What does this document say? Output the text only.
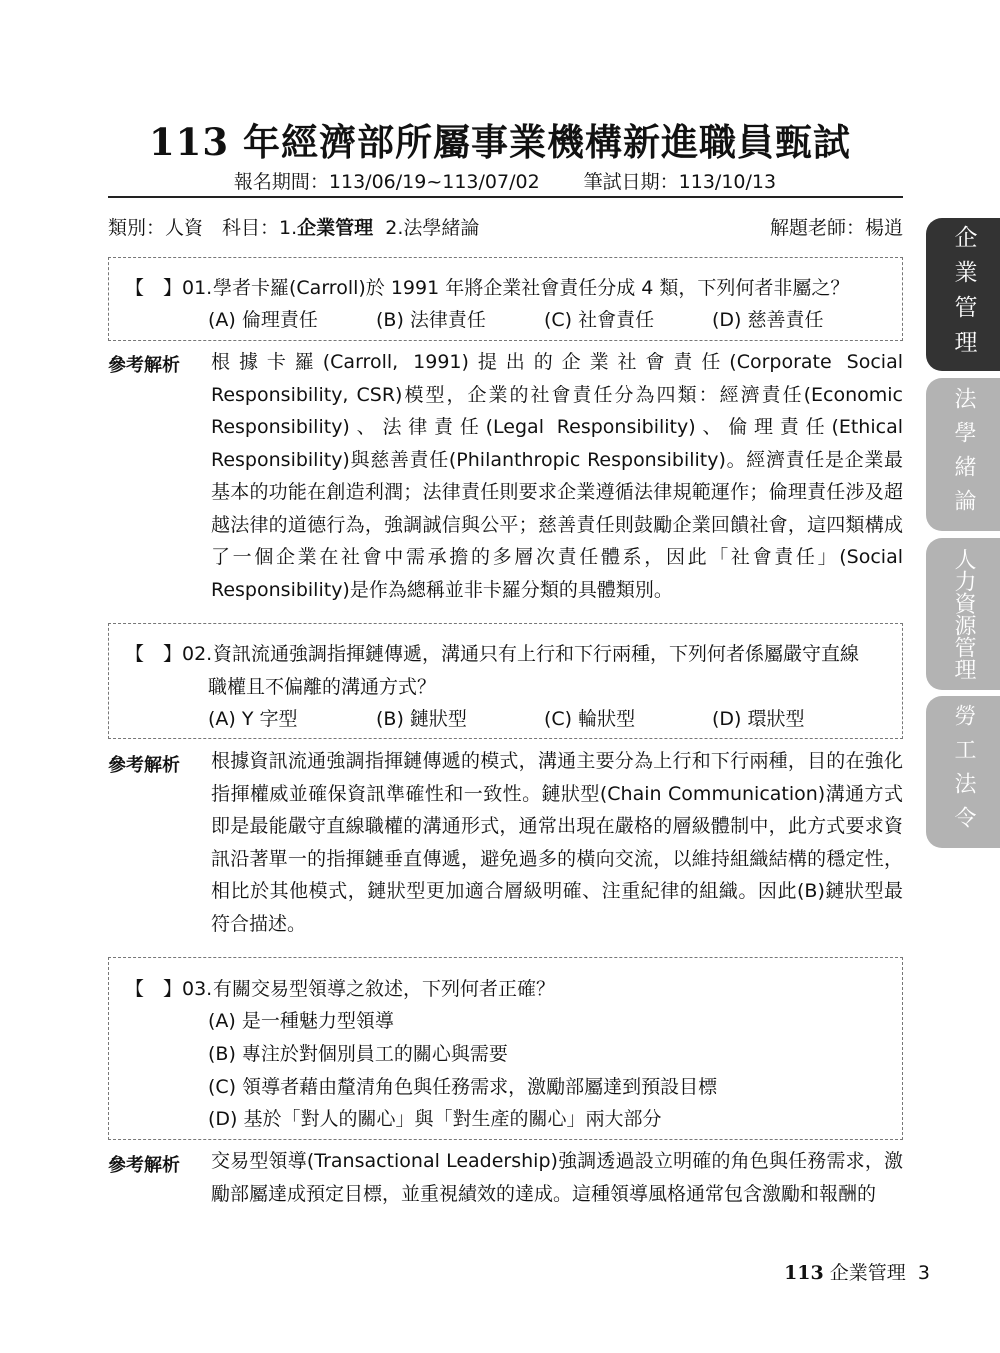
113 年經濟部所屬事業機構新進職員甄試
報名期間：113/06/19~113/07/02 筆試日期：113/10/13
類別：人資　科目：1.企業管理 2.法學緒論	解題老師：楊逍
【　】01.學者卡羅(Carroll)於 1991 年將企業社會責任分成 4 類，下列何者非屬之？
(A) 倫理責任	(B) 法律責任	(C) 社會責任	(D) 慈善責任
參考解析 根據卡羅(Carroll, 1991)提出的企業社會責任(Corporate Social Responsibility, CSR)模型，企業的社會責任分為四類：經濟責任(Economic Responsibility)、法律責任(Legal Responsibility)、倫理責任(Ethical Responsibility)與慈善責任(Philanthropic Responsibility)。經濟責任是企業最基本的功能在創造利潤；法律責任則要求企業遵循法律規範運作；倫理責任涉及超越法律的道德行為，強調誠信與公平；慈善責任則鼓勵企業回饋社會，這四類構成了一個企業在社會中需承擔的多層次責任體系，因此「社會責任」(Social Responsibility)是作為總稱並非卡羅分類的具體類別。
【　】02.資訊流通強調指揮鏈傳遞，溝通只有上行和下行兩種，下列何者係屬嚴守直線
職權且不偏離的溝通方式？
(A) Y 字型	(B) 鏈狀型	(C) 輪狀型	(D) 環狀型
參考解析 根據資訊流通強調指揮鏈傳遞的模式，溝通主要分為上行和下行兩種，目的在強化指揮權威並確保資訊準確性和一致性。鏈狀型(Chain Communication)溝通方式即是最能嚴守直線職權的溝通形式，通常出現在嚴格的層級體制中，此方式要求資訊沿著單一的指揮鏈垂直傳遞，避免過多的橫向交流，以維持組織結構的穩定性，相比於其他模式，鏈狀型更加適合層級明確、注重紀律的組織。因此(B)鏈狀型最符合描述。
【　】03.有關交易型領導之敘述，下列何者正確？
(A) 是一種魅力型領導
(B) 專注於對個別員工的關心與需要
(C) 領導者藉由釐清角色與任務需求，激勵部屬達到預設目標
(D) 基於「對人的關心」與「對生產的關心」兩大部分
參考解析 交易型領導(Transactional Leadership)強調透過設立明確的角色與任務需求，激勵部屬達成預定目標，並重視績效的達成。這種領導風格通常包含激勵和報酬的
企業管理
法學緒論
人力資源管理
勞工法令
113 企業管理 3
